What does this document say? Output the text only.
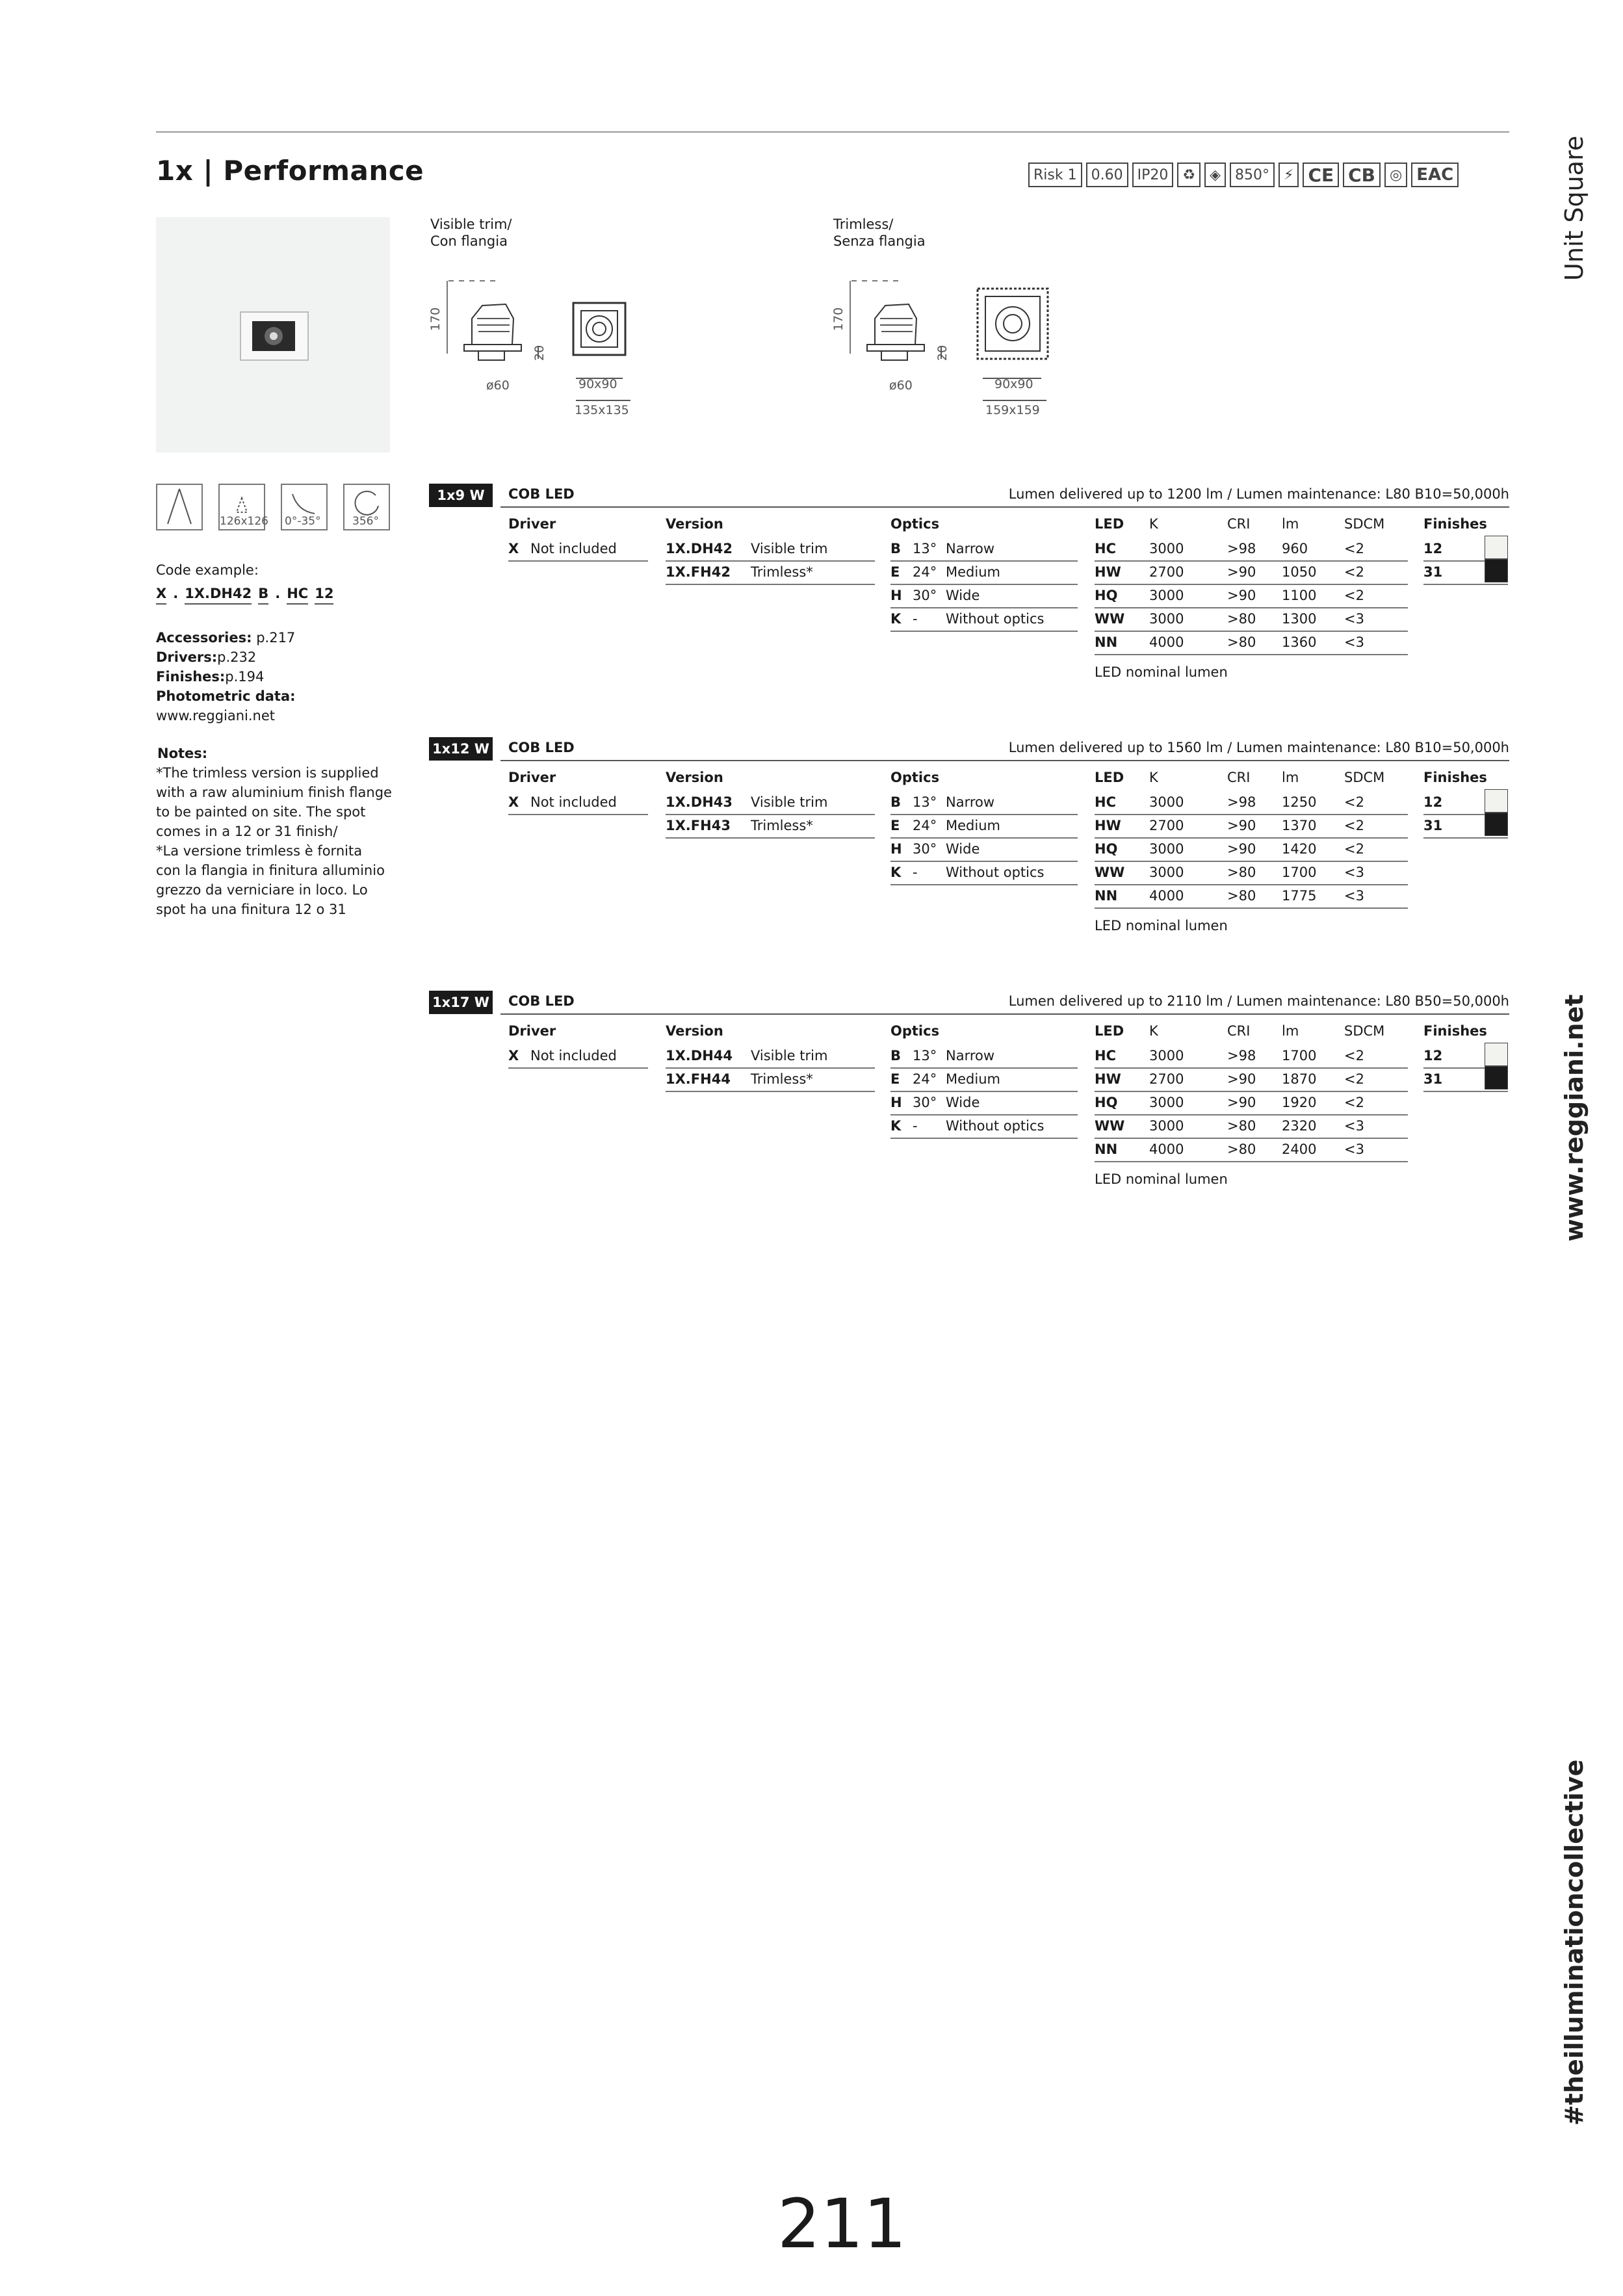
1x | Performance	Risk 1	0.60	IP20	♻	◈	850°	⚡ CE CB	◎ EAC	Unit Square
www.reggiani.net
#theilluminationcollective
Visible trim/
Con flangia
170
20
ø60	90x90
135x135
Trimless/
Senza flangia
170
20
ø60	90x90
159x159
126x126 0°-35°	356°
Code example:
X . 1X.DH42 B . HC 12
Accessories: p.217
Drivers:p.232
Finishes:p.194
Photometric data:
www.reggiani.net
Notes:
*The trimless version is supplied
with a raw aluminium finish flange
to be painted on site. The spot
comes in a 12 or 31 finish/
*La versione trimless è fornita
con la flangia in finitura alluminio
grezzo da verniciare in loco. Lo
spot ha una finitura 12 o 31
1x9 W	COB LED	Lumen delivered up to 1200 lm / Lumen maintenance: L80 B10=50,000h
Driver	Version	Optics	LED K	CRI lm	SDCM	Finishes
X Not included	1X.DH42 Visible trim
1X.FH42 Trimless*
B 13° Narrow
E 24° Medium
H 30° Wide
K - Without optics
HC 3000	>98 960	<2
HW 2700	>90 1050 <2
HQ 3000	>90 1100 <2
WW 3000	>80 1300 <3
NN 4000	>80 1360 <3
LED nominal lumen
12
31
1x12 W COB LED	Lumen delivered up to 1560 lm / Lumen maintenance: L80 B10=50,000h
Driver	Version	Optics	LED K	CRI lm	SDCM	Finishes
X Not included	1X.DH43 Visible trim
1X.FH43 Trimless*
B 13° Narrow
E 24° Medium
H 30° Wide
K - Without optics
HC 3000	>98 1250 <2
HW 2700	>90 1370 <2
HQ 3000	>90 1420 <2
WW 3000	>80 1700 <3
NN 4000	>80 1775 <3
LED nominal lumen
12
31
1x17 W COB LED	Lumen delivered up to 2110 lm / Lumen maintenance: L80 B50=50,000h
Driver	Version	Optics	LED K	CRI lm	SDCM	Finishes
X Not included	1X.DH44 Visible trim
1X.FH44 Trimless*
B 13° Narrow
E 24° Medium
H 30° Wide
K - Without optics
HC 3000	>98 1700 <2
HW 2700	>90 1870 <2
HQ 3000	>90 1920 <2
WW 3000	>80 2320 <3
NN 4000	>80 2400 <3
LED nominal lumen
12
31
211
